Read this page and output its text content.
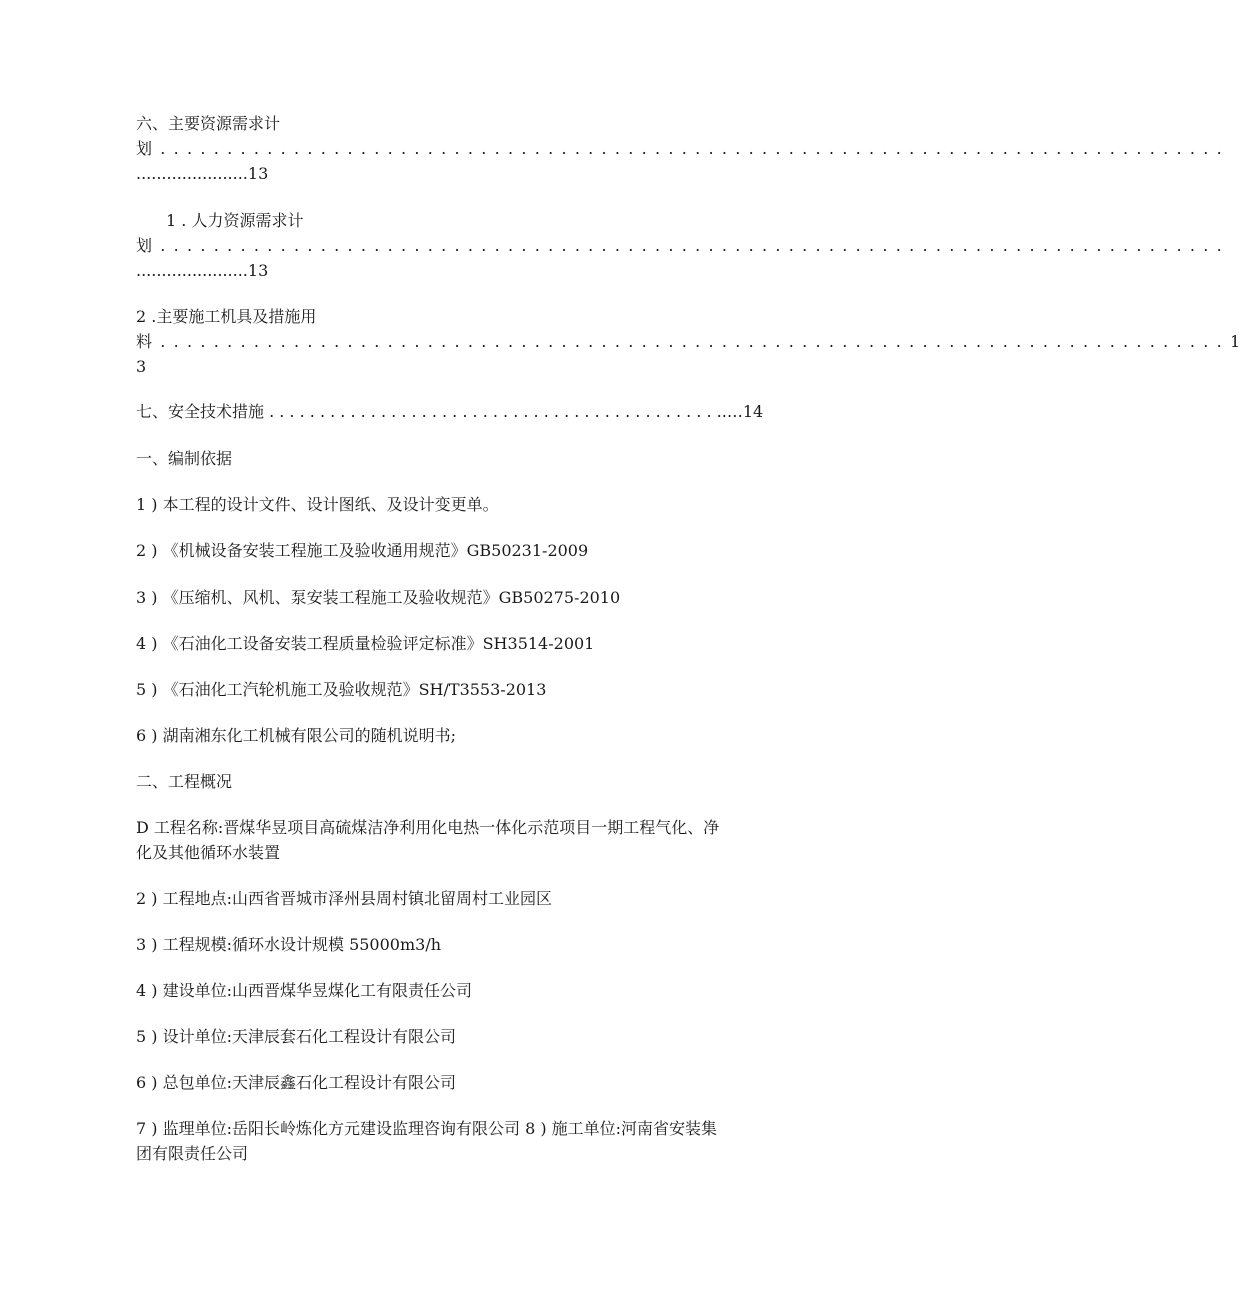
六、主要资源需求计
划 . . . . . . . . . . . . . . . . . . . . . . . . . . . . . . . . . . . . . . . . . . . . . . . . . . . . . . . . . . . . . . . . . . . . . . . . . . . . . . . .
......................13
1 . 人力资源需求计
划 . . . . . . . . . . . . . . . . . . . . . . . . . . . . . . . . . . . . . . . . . . . . . . . . . . . . . . . . . . . . . . . . . . . . . . . . . . . . . . . .
......................13
2 .主要施工机具及措施用
料 . . . . . . . . . . . . . . . . . . . . . . . . . . . . . . . . . . . . . . . . . . . . . . . . . . . . . . . . . . . . . . . . . . . . . . . . . . . . . . . . 1
3
七、安全技术措施 . . . . . . . . . . . . . . . . . . . . . . . . . . . . . . . . . . . . . . . . . . . . ..…14
一、编制依据
1 ) 本工程的设计文件、设计图纸、及设计变更单。
2 ) 《机械设备安装工程施工及验收通用规范》GB50231-2009
3 ) 《压缩机、风机、泵安装工程施工及验收规范》GB50275-2010
4 ) 《石油化工设备安装工程质量检验评定标准》SH3514-2001
5 ) 《石油化工汽轮机施工及验收规范》SH/T3553-2013
6 ) 湖南湘东化工机械有限公司的随机说明书;
二、工程概况
D 工程名称:晋煤华昱项目高硫煤洁净利用化电热一体化示范项目一期工程气化、净
化及其他循环水装置
2 ) 工程地点:山西省晋城市泽州县周村镇北留周村工业园区
3 ) 工程规模:循环水设计规模 55000m3∕h
4 ) 建设单位:山西晋煤华昱煤化工有限责任公司
5 ) 设计单位:天津辰套石化工程设计有限公司
6 ) 总包单位:天津辰鑫石化工程设计有限公司
7 ) 监理单位:岳阳长岭炼化方元建设监理咨询有限公司 8 ) 施工单位:河南省安装集
团有限责任公司
